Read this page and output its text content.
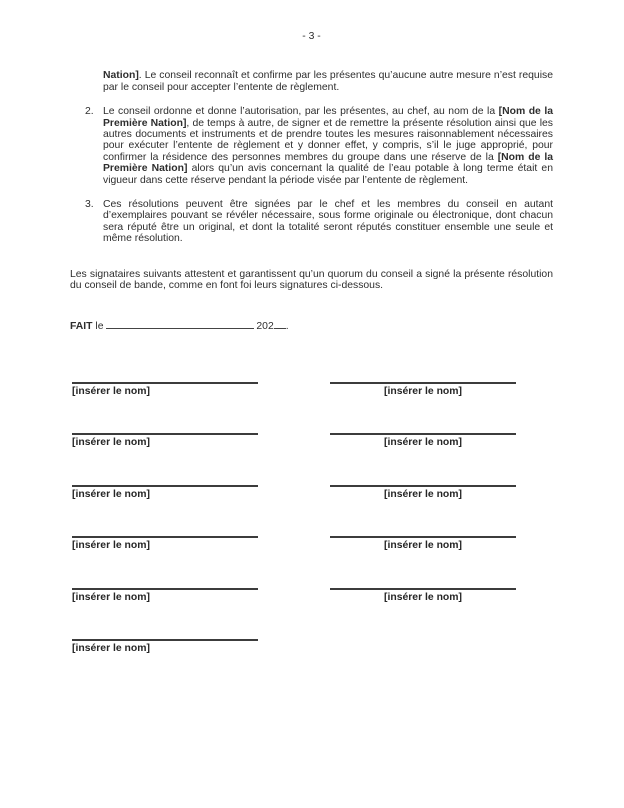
- 3 -

Nation]. Le conseil reconnaît et confirme par les présentes qu’aucune autre mesure n’est requise par le conseil pour accepter l’entente de règlement.

2. Le conseil ordonne et donne l’autorisation, par les présentes, au chef, au nom de la [Nom de la Première Nation], de temps à autre, de signer et de remettre la présente résolution ainsi que les autres documents et instruments et de prendre toutes les mesures raisonnablement nécessaires pour exécuter l’entente de règlement et y donner effet, y compris, s’il le juge approprié, pour confirmer la résidence des personnes membres du groupe dans une réserve de la [Nom de la Première Nation] alors qu’un avis concernant la qualité de l’eau potable à long terme était en vigueur dans cette réserve pendant la période visée par l’entente de règlement.

3. Ces résolutions peuvent être signées par le chef et les membres du conseil en autant d’exemplaires pouvant se révéler nécessaire, sous forme originale ou électronique, dont chacun sera réputé être un original, et dont la totalité seront réputés constituer ensemble une seule et même résolution.

Les signataires suivants attestent et garantissent qu’un quorum du conseil a signé la présente résolution du conseil de bande, comme en font foi leurs signatures ci-dessous.

FAIT le	202 .
[insérer le nom]	[insérer le nom]
[insérer le nom]	[insérer le nom]
[insérer le nom]	[insérer le nom]
[insérer le nom]	[insérer le nom]
[insérer le nom]	[insérer le nom]
[insérer le nom]
